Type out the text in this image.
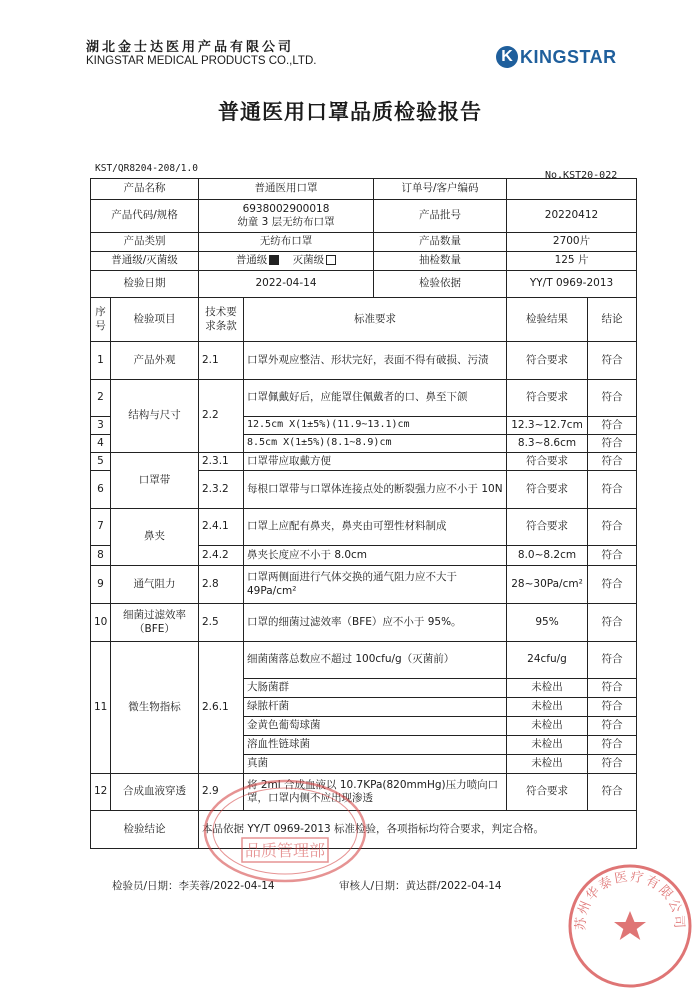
湖北金士达医用产品有限公司
KINGSTAR MEDICAL PRODUCTS CO.,LTD.	K KINGSTAR
普通医用口罩品质检验报告
KST/QR8204-208/1.0
No.KST20-022
产品名称		普通医用口罩		订单号/客户编码		
产品代码/规格		6938002900018
幼童 3 层无纺布口罩		产品批号	20220412	
产品类别		无纺布口罩		产品数量	2700片	
普通级/灭菌级		普通级 灭菌级		抽检数量	125 片	
检验日期		2022-04-14		检验依据	YY/T 0969-2013	
序号	检验项目	技术要求条款	标准要求		检验结果	结论
1	产品外观	2.1	口罩外观应整洁、形状完好，表面不得有破损、污渍		符合要求	符合
2	结构与尺寸	2.2	口罩佩戴好后，应能罩住佩戴者的口、鼻至下颌		符合要求	符合
3			12.5cm X(1±5%)(11.9~13.1)cm		12.3~12.7cm	符合
4			8.5cm X(1±5%)(8.1~8.9)cm		8.3~8.6cm	符合
5	口罩带	2.3.1	口罩带应取戴方便		符合要求	符合
6		2.3.2	每根口罩带与口罩体连接点处的断裂强力应不小于 10N		符合要求	符合
7	鼻夹	2.4.1	口罩上应配有鼻夹，鼻夹由可塑性材料制成		符合要求	符合
8		2.4.2	鼻夹长度应不小于 8.0cm		8.0~8.2cm	符合
9	通气阻力	2.8	口罩两侧面进行气体交换的通气阻力应不大于 49Pa/cm²		28~30Pa/cm²	符合
10	细菌过滤效率（BFE）	2.5	口罩的细菌过滤效率（BFE）应不小于 95%。		95%	符合
11	微生物指标	2.6.1	细菌菌落总数应不超过 100cfu/g（灭菌前）		24cfu/g	符合
			大肠菌群		未检出	符合
			绿脓杆菌		未检出	符合
			金黄色葡萄球菌		未检出	符合
			溶血性链球菌		未检出	符合
			真菌		未检出	符合
12	合成血液穿透	2.9	将 2ml 合成血液以 10.7KPa(820mmHg)压力喷向口罩，口罩内侧不应出现渗透		符合要求	符合
检验结论		本品依据 YY/T 0969-2013 标准检验，各项指标均符合要求，判定合格。				
检验员/日期：李芙蓉/2022-04-14	审核人/日期：黄达群/2022-04-14
品质管理部
苏州华泰医疗有限公司
